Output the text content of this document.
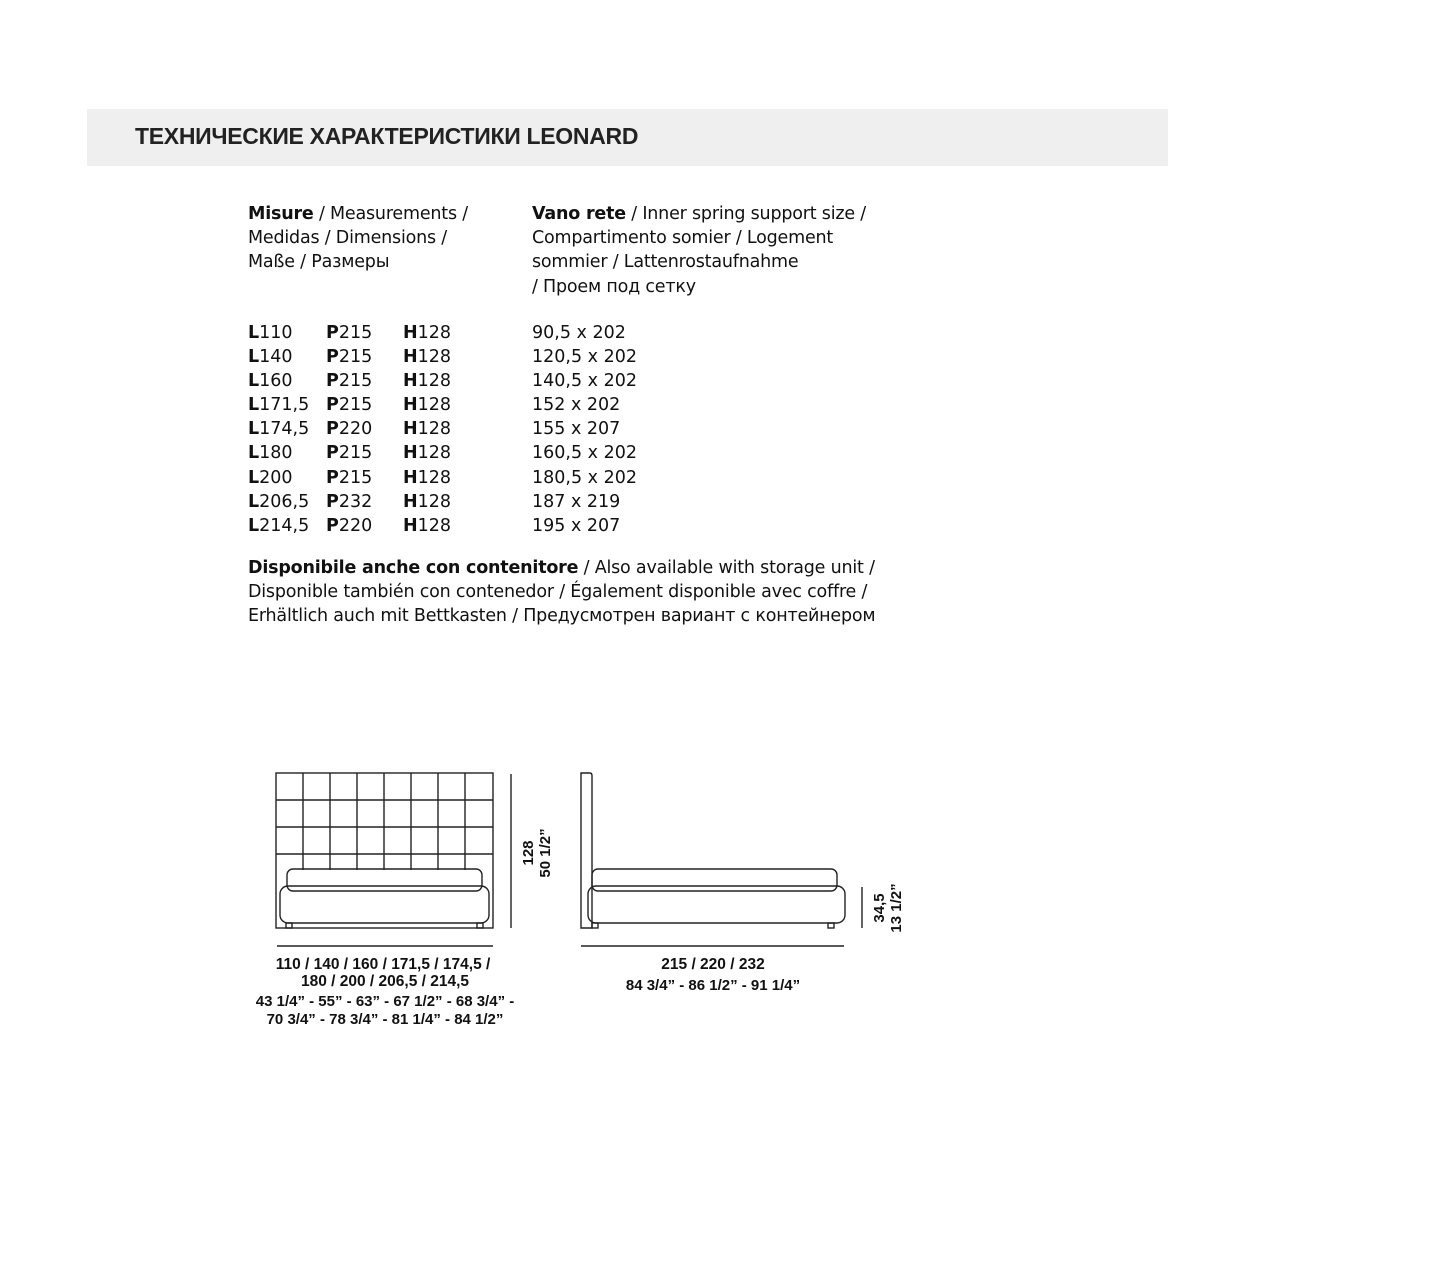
ТЕХНИЧЕСКИЕ ХАРАКТЕРИСТИКИ LEONARD
Misure / Measurements /
Medidas / Dimensions /
Maße / Размеры
Vano rete / Inner spring support size /
Compartimento somier / Logement
sommier / Lattenrostaufnahme
/ Проем под сетку
L110 P215 H128	90,5 x 202
L140 P215 H128	120,5 x 202
L160 P215 H128	140,5 x 202
L171,5 P215 H128	152 x 202
L174,5 P220 H128	155 x 207
L180 P215 H128	160,5 x 202
L200 P215 H128	180,5 x 202
L206,5 P232 H128	187 x 219
L214,5 P220 H128	195 x 207
Disponibile anche con contenitore / Also available with storage unit /
Disponible también con contenedor / Également disponible avec coffre /
Erhältlich auch mit Bettkasten / Предусмотрен вариант с контейнером
128 50 1/2”
110 / 140 / 160 / 171,5 / 174,5 /
180 / 200 / 206,5 / 214,5
43 1/4” - 55” - 63” - 67 1/2” - 68 3/4” -
70 3/4” - 78 3/4” - 81 1/4” - 84 1/2”
215 / 220 / 232
84 3/4” - 86 1/2” - 91 1/4”
34,5 13 1/2”
